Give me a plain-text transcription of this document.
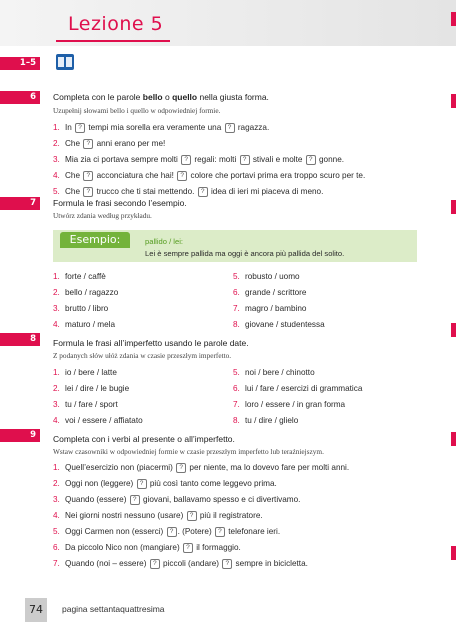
Lezione 5
1–5
6	Completa con le parole bello o quello nella giusta forma.
Uzupełnij słowami bello i quello w odpowiedniej formie.
1. In ? tempi mia sorella era veramente una ? ragazza.
2. Che ? anni erano per me!
3. Mia zia ci portava sempre molti ? regali: molti ? stivali e molte ? gonne.
4. Che ? acconciatura che hai! ? colore che portavi prima era troppo scuro per te.
5. Che ? trucco che ti stai mettendo. ? idea di ieri mi piaceva di meno.
7	Formula le frasi secondo l’esempio.
Utwórz zdania według przykładu.
Esempio:	pallido / lei:
Lei è sempre pallida ma oggi è ancora più pallida del solito.
1. forte / caffè
2. bello / ragazzo
3. brutto / libro
4. maturo / mela
5. robusto / uomo
6. grande / scrittore
7. magro / bambino
8. giovane / studentessa
8	Formula le frasi all’imperfetto usando le parole date.
Z podanych słów ułóż zdania w czasie przeszłym imperfetto.
1. io / bere / latte
2. lei / dire / le bugie
3. tu / fare / sport
4. voi / essere / affiatato
5. noi / bere / chinotto
6. lui / fare / esercizi di grammatica
7. loro / essere / in gran forma
8. tu / dire / glielo
9	Completa con i verbi al presente o all’imperfetto.
Wstaw czasowniki w odpowiedniej formie w czasie przeszłym imperfetto lub teraźniejszym.
1. Quell’esercizio non (piacermi) ? per niente, ma lo dovevo fare per molti anni.
2. Oggi non (leggere) ? più così tanto come leggevo prima.
3. Quando (essere) ? giovani, ballavamo spesso e ci divertivamo.
4. Nei giorni nostri nessuno (usare) ? più il registratore.
5. Oggi Carmen non (esserci) ? . (Potere) ? telefonare ieri.
6. Da piccolo Nico non (mangiare) ? il formaggio.
7. Quando (noi – essere) ? piccoli (andare) ? sempre in bicicletta.
74	pagina settantaquattresima
